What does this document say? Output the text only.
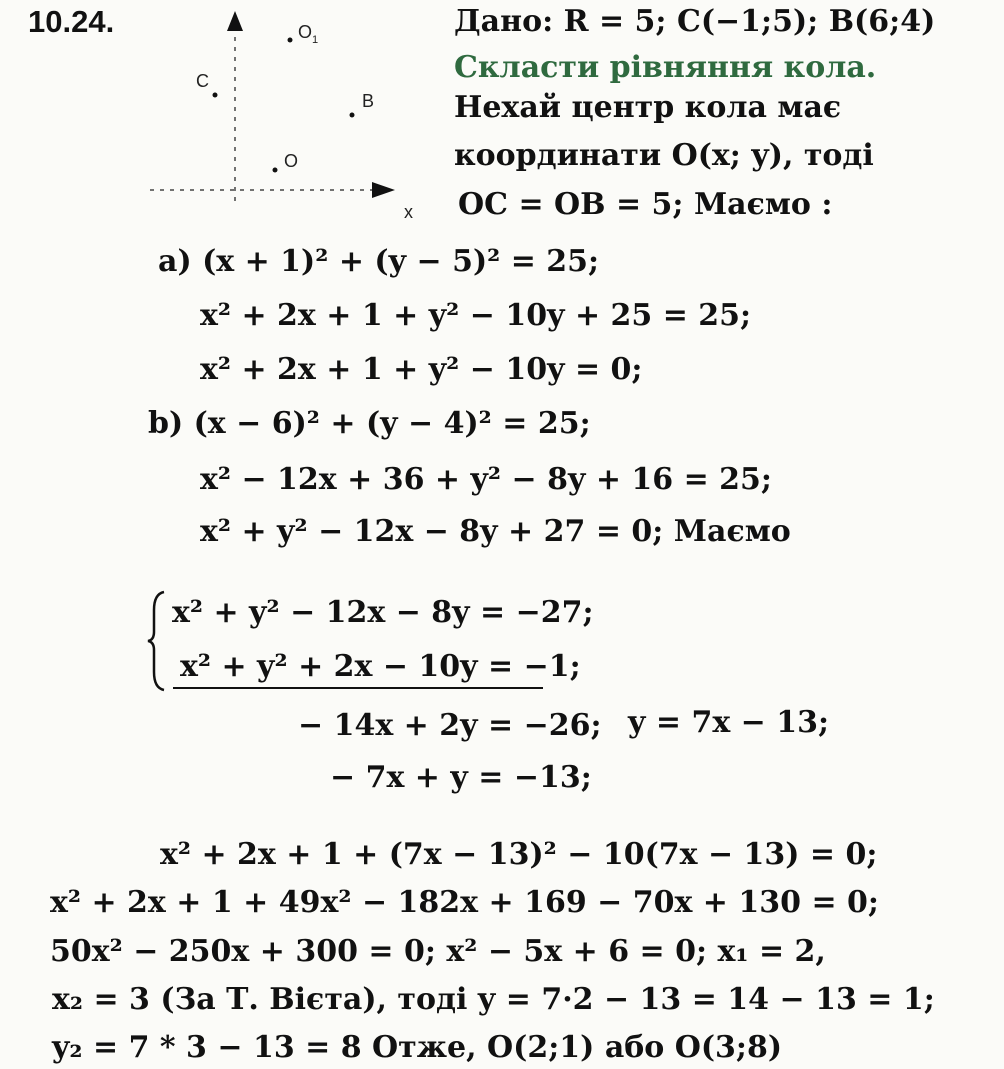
10.24.	O 1
C
B
O
x
Дано: R = 5; C(−1;5); B(6;4)
Скласти рівняння кола.
Нехай центр кола має
координати O(x; y), тоді
OC = OB = 5; Маємо :
a) (x + 1)² + (y − 5)² = 25;
x² + 2x + 1 + y² − 10y + 25 = 25;
x² + 2x + 1 + y² − 10y = 0;
b) (x − 6)² + (y − 4)² = 25;
x² − 12x + 36 + y² − 8y + 16 = 25;
x² + y² − 12x − 8y + 27 = 0; Маємо
x² + y² − 12x − 8y = −27;
x² + y² + 2x − 10y = −1;
− 14x + 2y = −26; y = 7x − 13;
− 7x + y = −13;
x² + 2x + 1 + (7x − 13)² − 10(7x − 13) = 0;
x² + 2x + 1 + 49x² − 182x + 169 − 70x + 130 = 0;
50x² − 250x + 300 = 0; x² − 5x + 6 = 0; x₁ = 2,
x₂ = 3 (За Т. Вієта), тоді y = 7·2 − 13 = 14 − 13 = 1;
y₂ = 7 * 3 − 13 = 8 Отже, O(2;1) або O(3;8)
